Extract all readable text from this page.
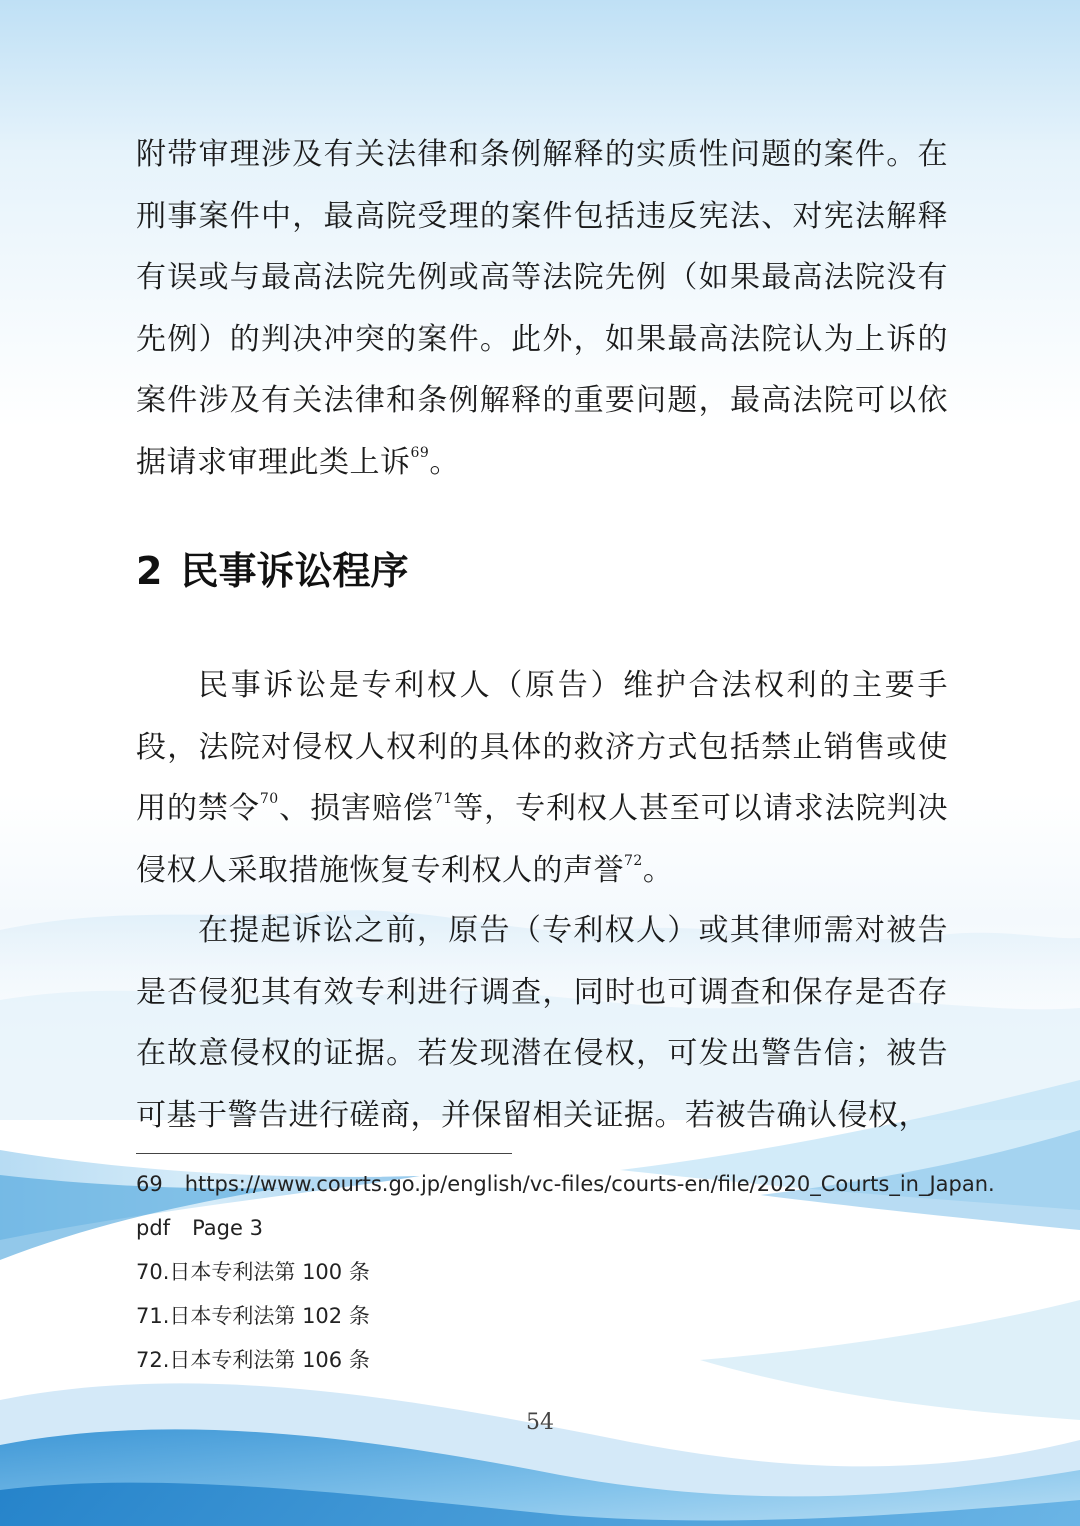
附带审理涉及有关法律和条例解释的实质性问题的案件。在刑事案件中，最高院受理的案件包括违反宪法、对宪法解释有误或与最高法院先例或高等法院先例（如果最高法院没有先例）的判决冲突的案件。此外，如果最高法院认为上诉的案件涉及有关法律和条例解释的重要问题，最高法院可以依据请求审理此类上诉$^{69}$。

2 民事诉讼程序

民事诉讼是专利权人（原告）维护合法权利的主要手段，法院对侵权人权利的具体的救济方式包括禁止销售或使用的禁令$^{70}$、损害赔偿$^{71}$等，专利权人甚至可以请求法院判决侵权人采取措施恢复专利权人的声誉$^{72}$。

在提起诉讼之前，原告（专利权人）或其律师需对被告是否侵犯其有效专利进行调查，同时也可调查和保存是否存在故意侵权的证据。若发现潜在侵权，可发出警告信；被告可基于警告进行磋商，并保留相关证据。若被告确认侵权，

69 https://www.courts.go.jp/english/vc-files/courts-en/file/2020_Courts_in_Japan.
pdf Page 3

70.日本专利法第 100 条

71.日本专利法第 102 条

72.日本专利法第 106 条

54
